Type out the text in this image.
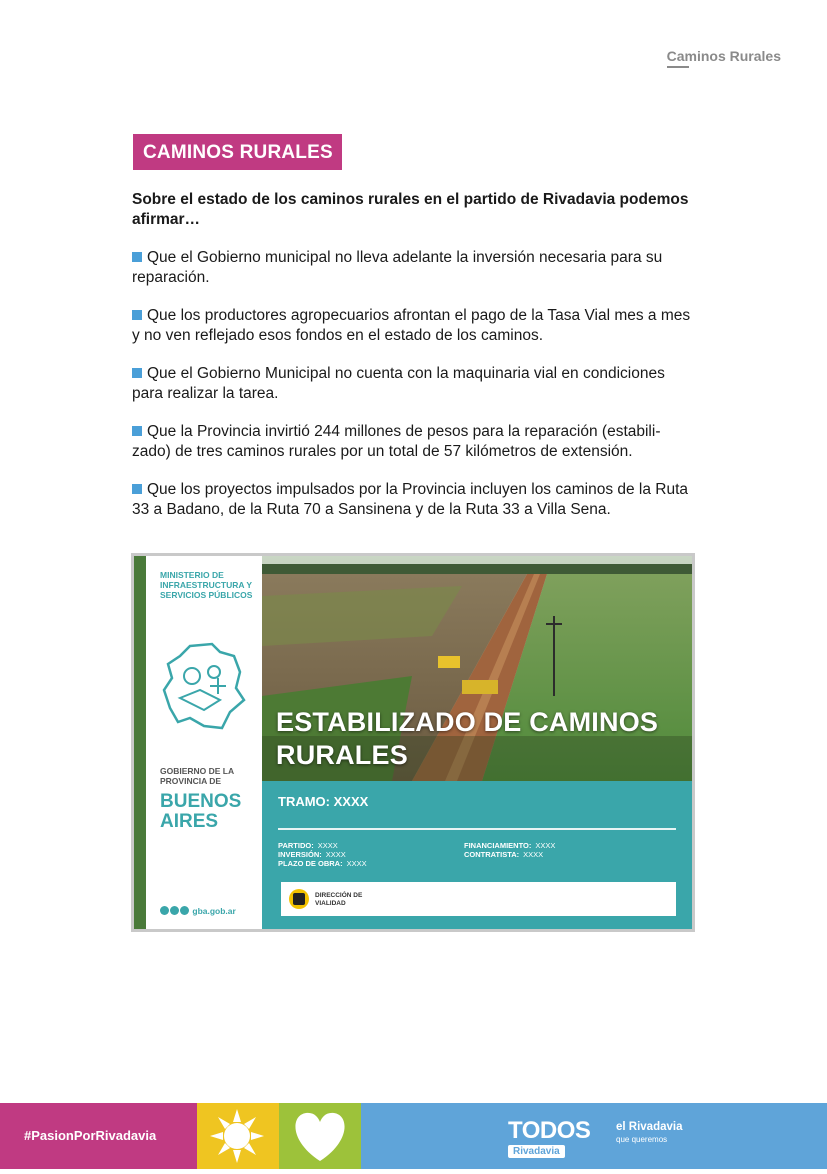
Caminos Rurales
CAMINOS RURALES

Sobre el estado de los caminos rurales en el partido de Rivadavia podemos afirmar…

Que el Gobierno municipal no lleva adelante la inversión necesaria para su reparación.

Que los productores agropecuarios afrontan el pago de la Tasa Vial mes a mes y no ven reflejado esos fondos en el estado de los caminos.

Que el Gobierno Municipal no cuenta con la maquinaria vial en condiciones para realizar la tarea.

Que la Provincia invirtió 244 millones de pesos para la reparación (estabili-zado) de tres caminos rurales por un total de 57 kilómetros de extensión.

Que los proyectos impulsados por la Provincia incluyen los caminos de la Ruta 33 a Badano, de la Ruta 70 a Sansinena y de la Ruta 33 a Villa Sena.

MINISTERIO DE INFRAESTRUCTURA Y SERVICIOS PÚBLICOS
GOBIERNO DE LA PROVINCIA DE
BUENOS AIRES
gba.gob.ar
ESTABILIZADO DE CAMINOS RURALES
TRAMO: XXXX
PARTIDO: XXXX
INVERSIÓN: XXXX
PLAZO DE OBRA: XXXX
FINANCIAMIENTO: XXXX
CONTRATISTA: XXXX
DIRECCIÓN DE VIALIDAD
#PasionPorRivadavia	TODOS
Rivadavia
el Rivadavia
que queremos
